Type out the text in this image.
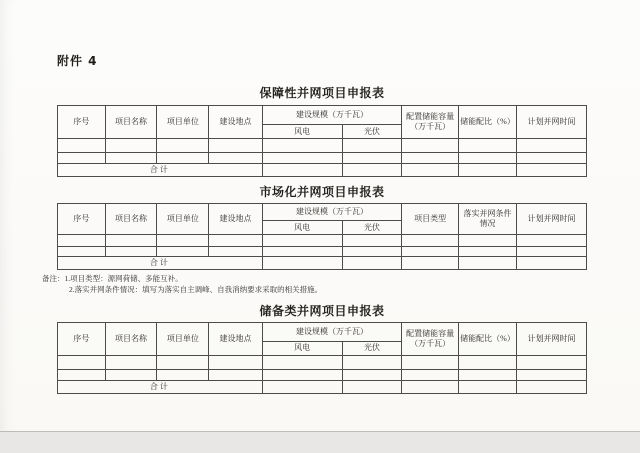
附件 4
保障性并网项目申报表
序号	项目名称	项目单位	建设地点	建设规模（万千瓦）		配置储能容量（万千瓦）	储能配比（%）	计划并网时间
				风电	光伏			

合计								
市场化并网项目申报表
序号	项目名称	项目单位	建设地点	建设规模（万千瓦）		项目类型	落实并网条件情况	计划并网时间
				风电	光伏			

合计								
备注：1.项目类型：源网荷储、多能互补。
2.落实并网条件情况：填写为落实自主调峰、自我消纳要求采取的相关措施。
储备类并网项目申报表
序号	项目名称	项目单位	建设地点	建设规模（万千瓦）		配置储能容量（万千瓦）	储能配比（%）	计划并网时间
				风电	光伏			

合计								
